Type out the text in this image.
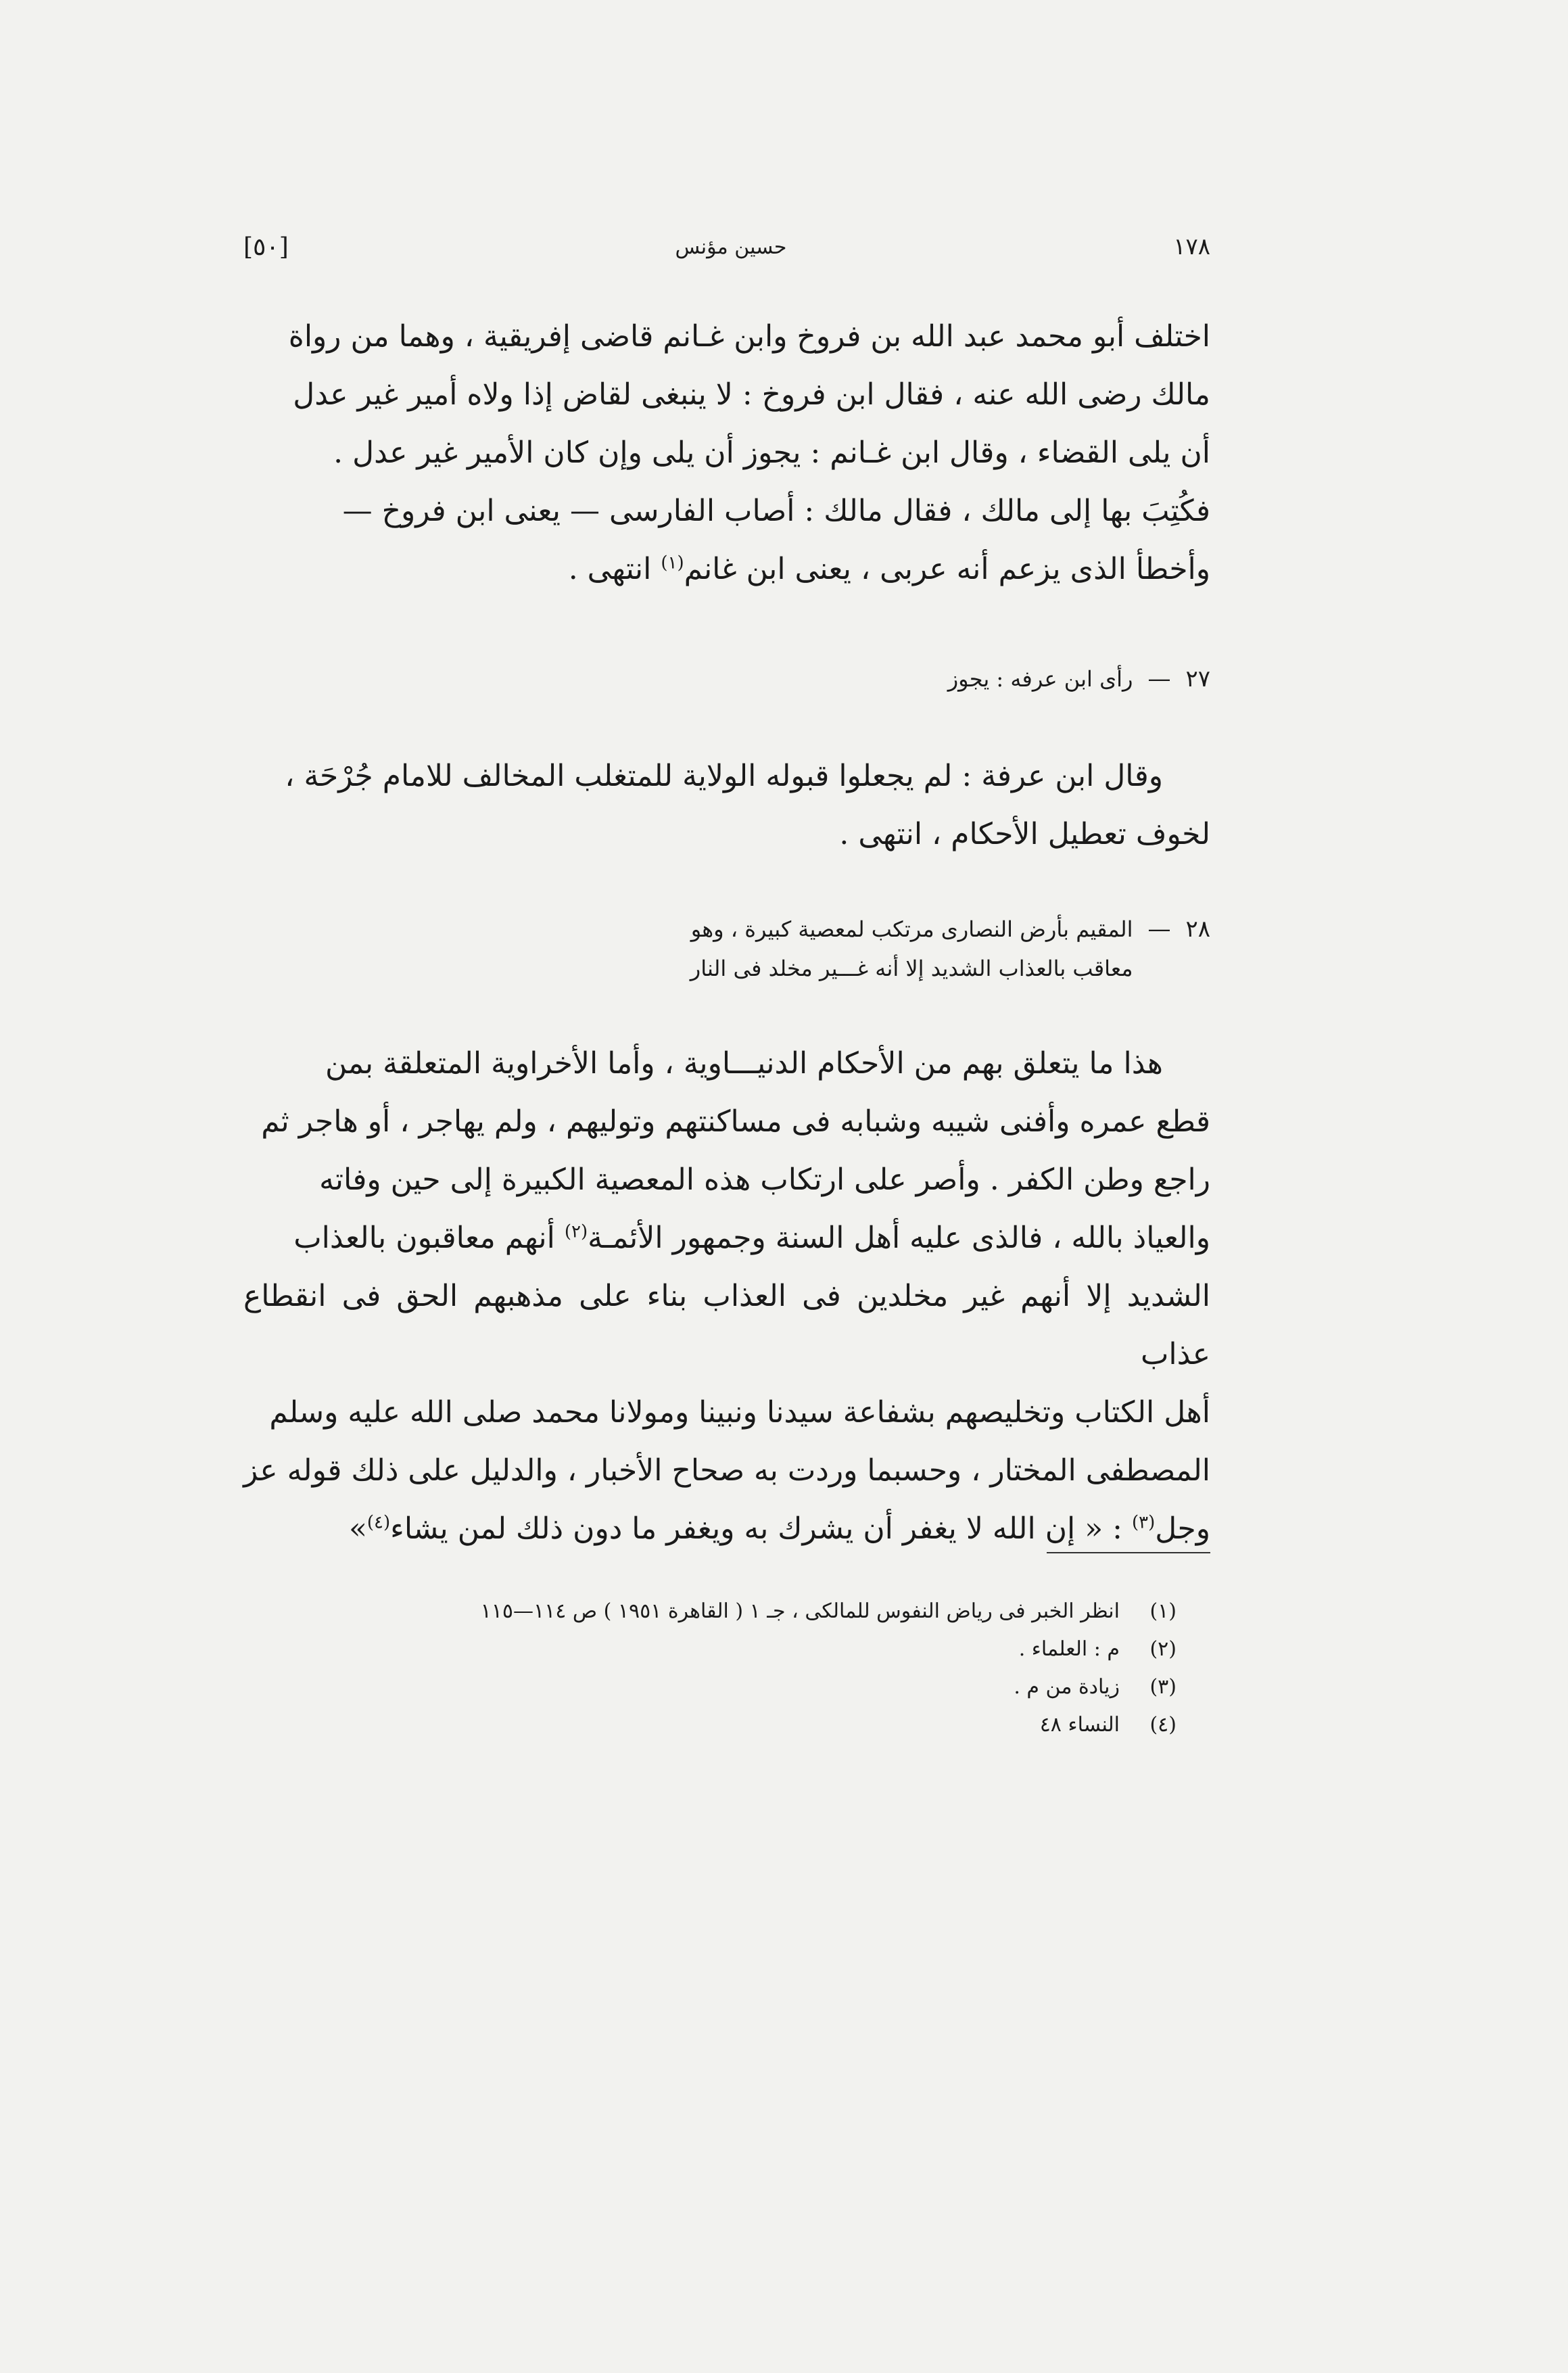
[٥٠]	حسين مؤنس	١٧٨

اختلف أبو محمد عبد الله بن فروخ وابن غـانم قاضى إفريقية ، وهما من رواة

مالك رضى الله عنه ، فقال ابن فروخ : لا ينبغى لقاض إذا ولاه أمير غير عدل

أن يلى القضاء ، وقال ابن غـانم : يجوز أن يلى وإن كان الأمير غير عدل .

فكُتِبَ بها إلى مالك ، فقال مالك : أصاب الفارسى — يعنى ابن فروخ —

وأخطأ الذى يزعم أنه عربى ، يعنى ابن غانم$^{(١)}$ انتهى .

٢٧
—
رأى ابن عرفه : يجوز

وقال ابن عرفة : لم يجعلوا قبوله الولاية للمتغلب المخالف للامام جُرْحَة ،

لخوف تعطيل الأحكام ، انتهى .

٢٨
—
المقيم بأرض النصارى مرتكب لمعصية كبيرة ، وهو
معاقب بالعذاب الشديد إلا أنه غـــير مخلد فى النار

هذا ما يتعلق بهم من الأحكام الدنيـــاوية ، وأما الأخراوية المتعلقة بمن

قطع عمره وأفنى شيبه وشبابه فى مساكنتهم وتوليهم ، ولم يهاجر ، أو هاجر ثم

راجع وطن الكفر . وأصر على ارتكاب هذه المعصية الكبيرة إلى حين وفاته

والعياذ بالله ، فالذى عليه أهل السنة وجمهور الأئمـة$^{(٢)}$ أنهم معاقبون بالعذاب

الشديد إلا أنهم غير مخلدين فى العذاب بناء على مذهبهم الحق فى انقطاع عذاب

أهل الكتاب وتخليصهم بشفاعة سيدنا ونبينا ومولانا محمد صلى الله عليه وسلم

المصطفى المختار ، وحسبما وردت به صحاح الأخبار ، والدليل على ذلك قوله عز

وجل$^{(٣)}$ : « إن الله لا يغفر أن يشرك به ويغفر ما دون ذلك لمن يشاء$^{(٤)}$»

(١)
انظر الخبر فى رياض النفوس للمالكى ، جـ ١ ( القاهرة ١٩٥١ ) ص ١١٤—١١٥
(٢)
م : العلماء .
(٣)
زيادة من م .
(٤)
النساء ٤٨
